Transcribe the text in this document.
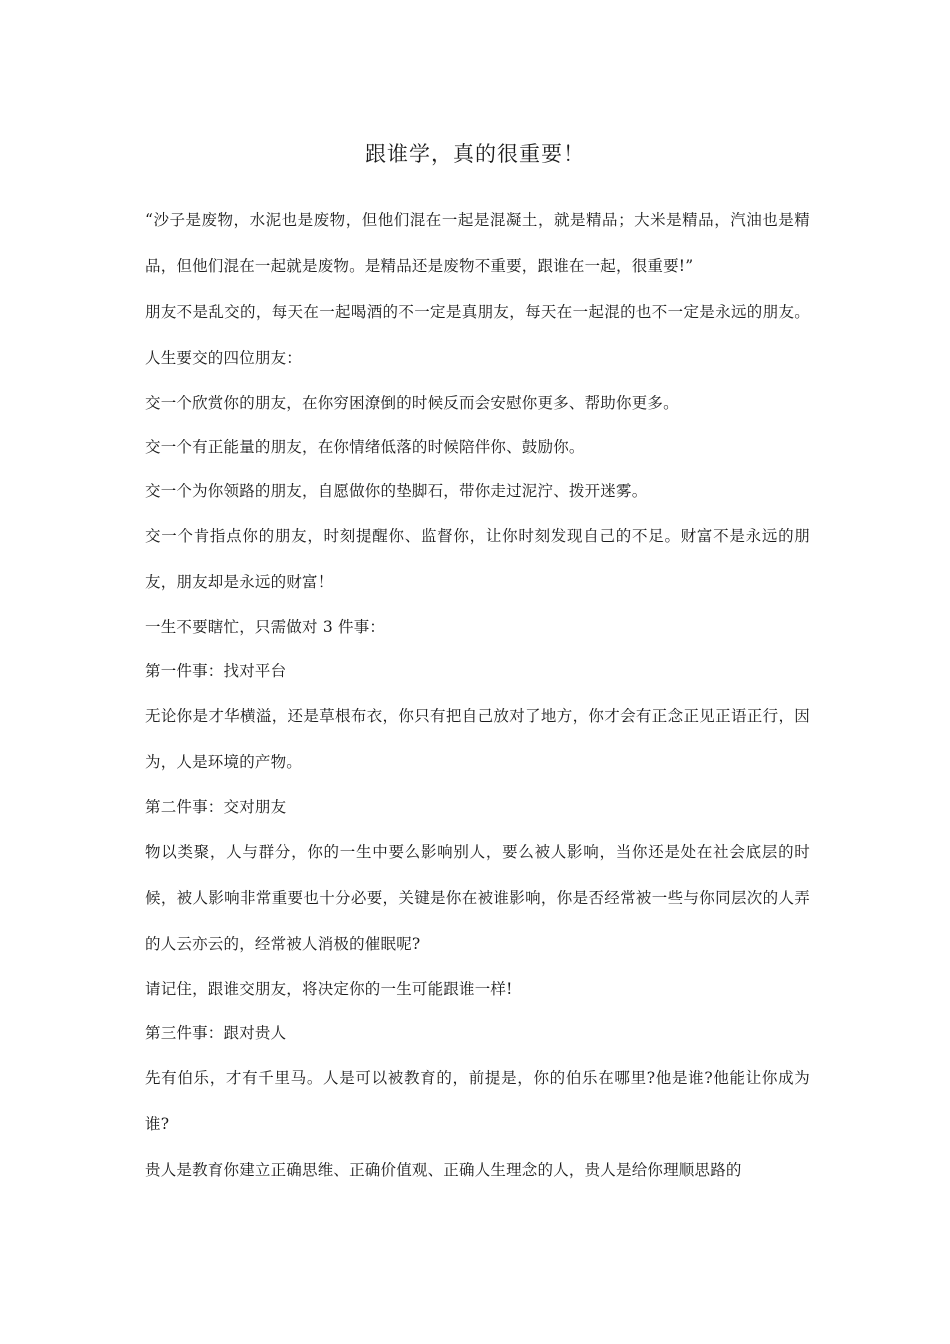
跟谁学，真的很重要！

“沙子是废物，水泥也是废物，但他们混在一起是混凝土，就是精品；大米是精品，汽油也是精品，但他们混在一起就是废物。是精品还是废物不重要，跟谁在一起，很重要!”

朋友不是乱交的，每天在一起喝酒的不一定是真朋友，每天在一起混的也不一定是永远的朋友。人生要交的四位朋友：

交一个欣赏你的朋友，在你穷困潦倒的时候反而会安慰你更多、帮助你更多。

交一个有正能量的朋友，在你情绪低落的时候陪伴你、鼓励你。

交一个为你领路的朋友，自愿做你的垫脚石，带你走过泥泞、拨开迷雾。

交一个肯指点你的朋友，时刻提醒你、监督你，让你时刻发现自己的不足。财富不是永远的朋友，朋友却是永远的财富！

一生不要瞎忙，只需做对 3 件事：

第一件事：找对平台

无论你是才华横溢，还是草根布衣，你只有把自己放对了地方，你才会有正念正见正语正行，因为，人是环境的产物。

第二件事：交对朋友

物以类聚，人与群分，你的一生中要么影响别人，要么被人影响，当你还是处在社会底层的时候，被人影响非常重要也十分必要，关键是你在被谁影响，你是否经常被一些与你同层次的人弄的人云亦云的，经常被人消极的催眠呢?

请记住，跟谁交朋友，将决定你的一生可能跟谁一样!

第三件事：跟对贵人

先有伯乐，才有千里马。人是可以被教育的，前提是，你的伯乐在哪里?他是谁?他能让你成为谁?

贵人是教育你建立正确思维、正确价值观、正确人生理念的人，贵人是给你理顺思路的
